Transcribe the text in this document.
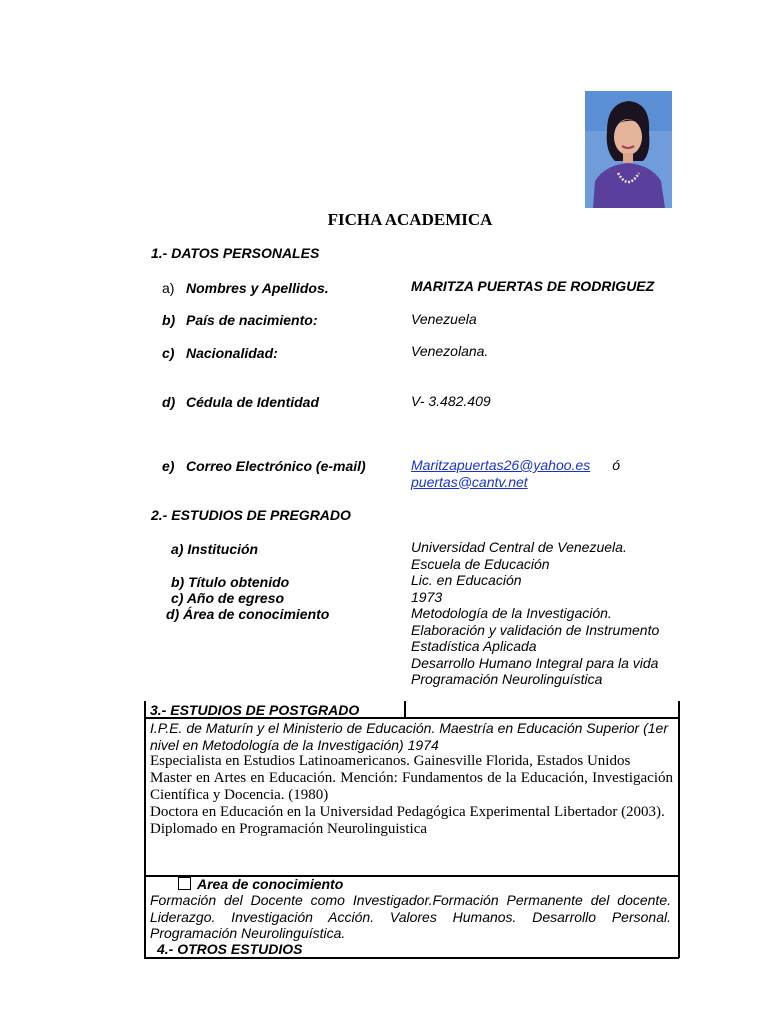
FICHA ACADEMICA
1.- DATOS PERSONALES
a) Nombres y Apellidos.	MARITZA PUERTAS DE RODRIGUEZ
b) País de nacimiento:	Venezuela
c) Nacionalidad:	Venezolana.
d) Cédula de Identidad	V- 3.482.409
e) Correo Electrónico (e-mail)	Maritzapuertas26@yahoo.es ó
puertas@cantv.net
2.- ESTUDIOS DE PREGRADO
a) Institución	Universidad Central de Venezuela.
Escuela de Educación
b) Título obtenido	Lic. en Educación
c) Año de egreso	1973
d) Área de conocimiento	Metodología de la Investigación.
Elaboración y validación de Instrumento
Estadística Aplicada
Desarrollo Humano Integral para la vida
Programación Neurolinguística
3.- ESTUDIOS DE POSTGRADO
I.P.E. de Maturín y el Ministerio de Educación. Maestría en Educación Superior (1er nivel en Metodología de la Investigación) 1974
Especialista en Estudios Latinoamericanos. Gainesville Florida, Estados Unidos
Master en Artes en Educación. Mención: Fundamentos de la Educación, Investigación Científica y Docencia. (1980)
Doctora en Educación en la Universidad Pedagógica Experimental Libertador (2003).
Diplomado en Programación Neurolinguistica
Area de conocimiento
Formación del Docente como Investigador.Formación Permanente del docente. Liderazgo. Investigación Acción. Valores Humanos. Desarrollo Personal. Programación Neurolinguística.
4.- OTROS ESTUDIOS
